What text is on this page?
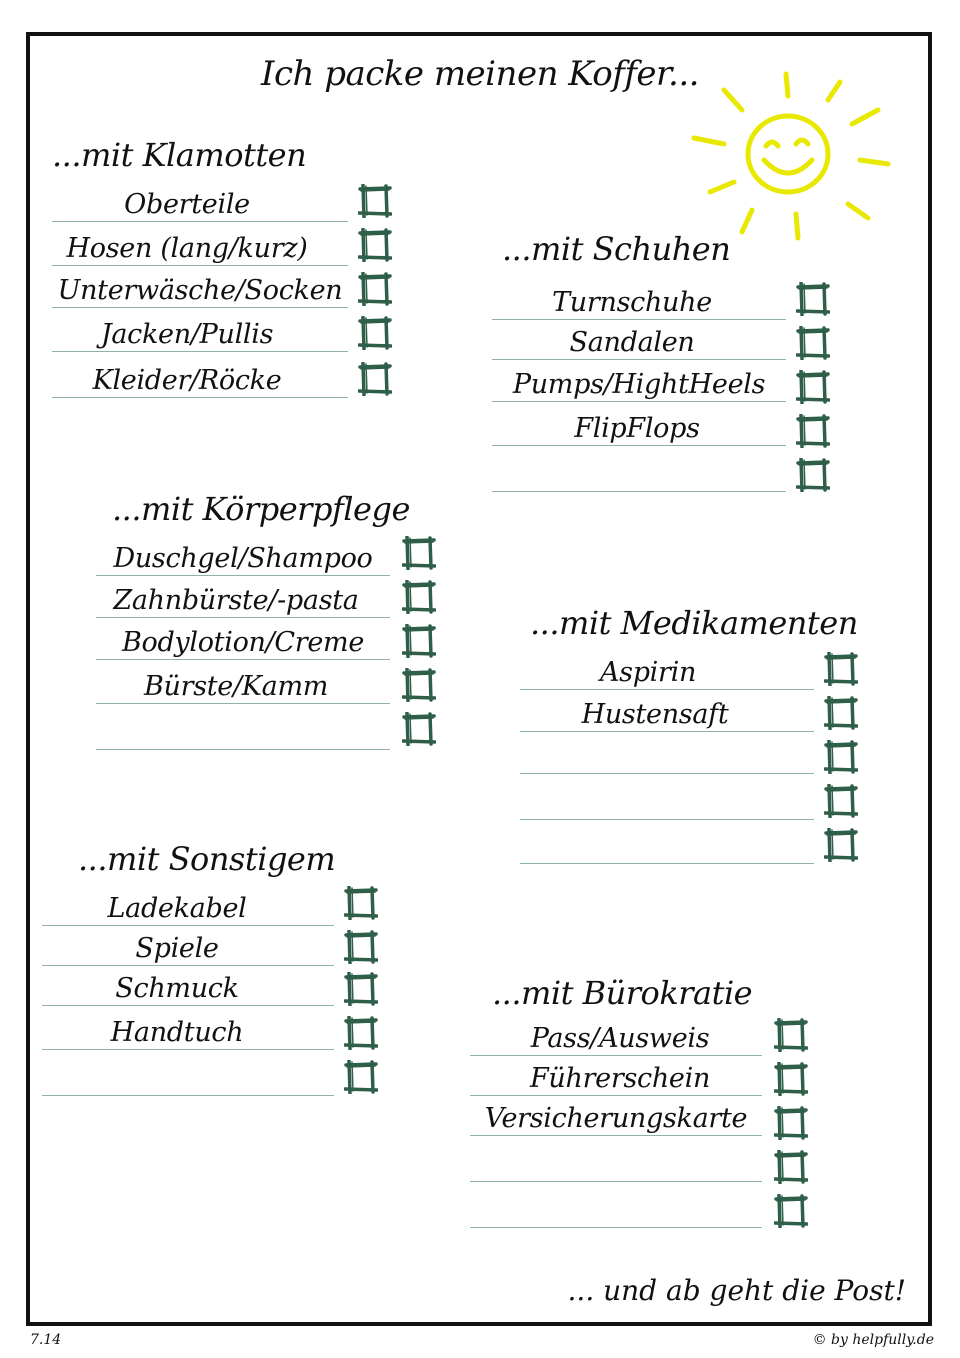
Ich packe meinen Koffer...
...mit Klamotten
Oberteile
Hosen (lang/kurz)
Unterwäsche/Socken
Jacken/Pullis
Kleider/Röcke
...mit Schuhen
Turnschuhe
Sandalen
Pumps/HightHeels
FlipFlops
...mit Körperpflege
Duschgel/Shampoo
Zahnbürste/-pasta
Bodylotion/Creme
Bürste/Kamm
...mit Medikamenten
Aspirin
Hustensaft
...mit Sonstigem
Ladekabel
Spiele
Schmuck
Handtuch
...mit Bürokratie
Pass/Ausweis
Führerschein
Versicherungskarte
... und ab geht die Post!
7.14	© by helpfully.de
